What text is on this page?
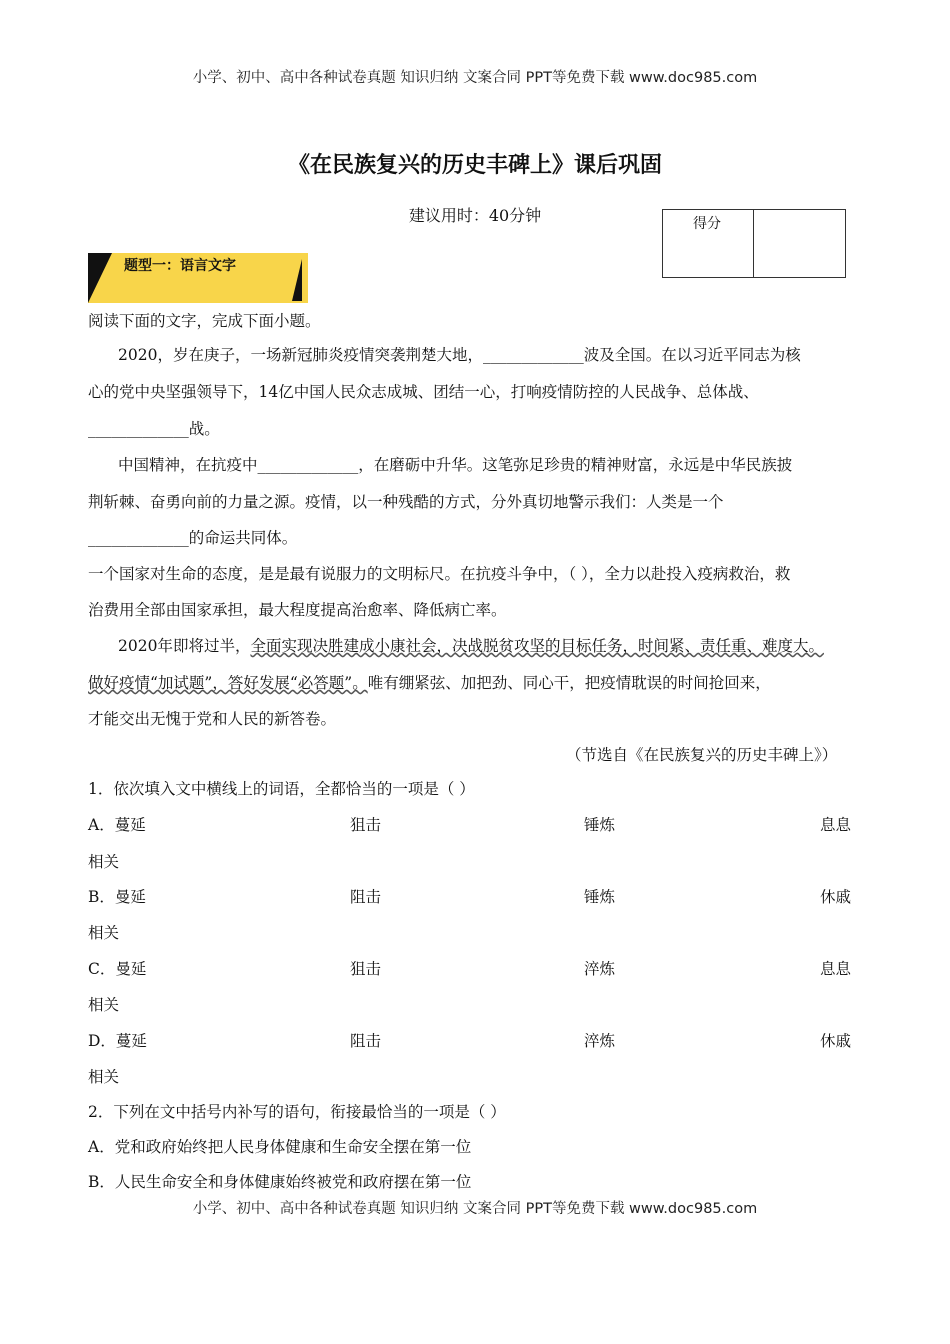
小学、初中、高中各种试卷真题 知识归纳 文案合同 PPT等免费下载 www.doc985.com
《在民族复兴的历史丰碑上》课后巩固
建议用时：40分钟	得分
题型一：语言文字
阅读下面的文字，完成下面小题。
2020，岁在庚子，一场新冠肺炎疫情突袭荆楚大地，_____________波及全国。在以习近平同志为核
心的党中央坚强领导下，14亿中国人民众志成城、团结一心，打响疫情防控的人民战争、总体战、
_____________战。
中国精神，在抗疫中_____________，在磨砺中升华。这笔弥足珍贵的精神财富，永远是中华民族披
荆斩棘、奋勇向前的力量之源。疫情，以一种残酷的方式，分外真切地警示我们：人类是一个
_____________的命运共同体。
一个国家对生命的态度，是是最有说服力的文明标尺。在抗疫斗争中，（ ），全力以赴投入疫病救治，救
治费用全部由国家承担，最大程度提高治愈率、降低病亡率。
2020年即将过半，全面实现决胜建成小康社会，决战脱贫攻坚的目标任务，时间紧、责任重、难度大。
做好疫情“加试题”，答好发展“必答题”。唯有绷紧弦、加把劲、同心干，把疫情耽误的时间抢回来，
才能交出无愧于党和人民的新答卷。
（节选自《在民族复兴的历史丰碑上》）
1．依次填入文中横线上的词语，全都恰当的一项是（ ）
A．蔓延	狙击	锤炼	息息
相关
B．曼延	阻击	锤炼	休戚
相关
C．曼延	狙击	淬炼	息息
相关
D．蔓延	阻击	淬炼	休戚
相关
2．下列在文中括号内补写的语句，衔接最恰当的一项是（ ）
A．党和政府始终把人民身体健康和生命安全摆在第一位
B．人民生命安全和身体健康始终被党和政府摆在第一位
小学、初中、高中各种试卷真题 知识归纳 文案合同 PPT等免费下载 www.doc985.com
